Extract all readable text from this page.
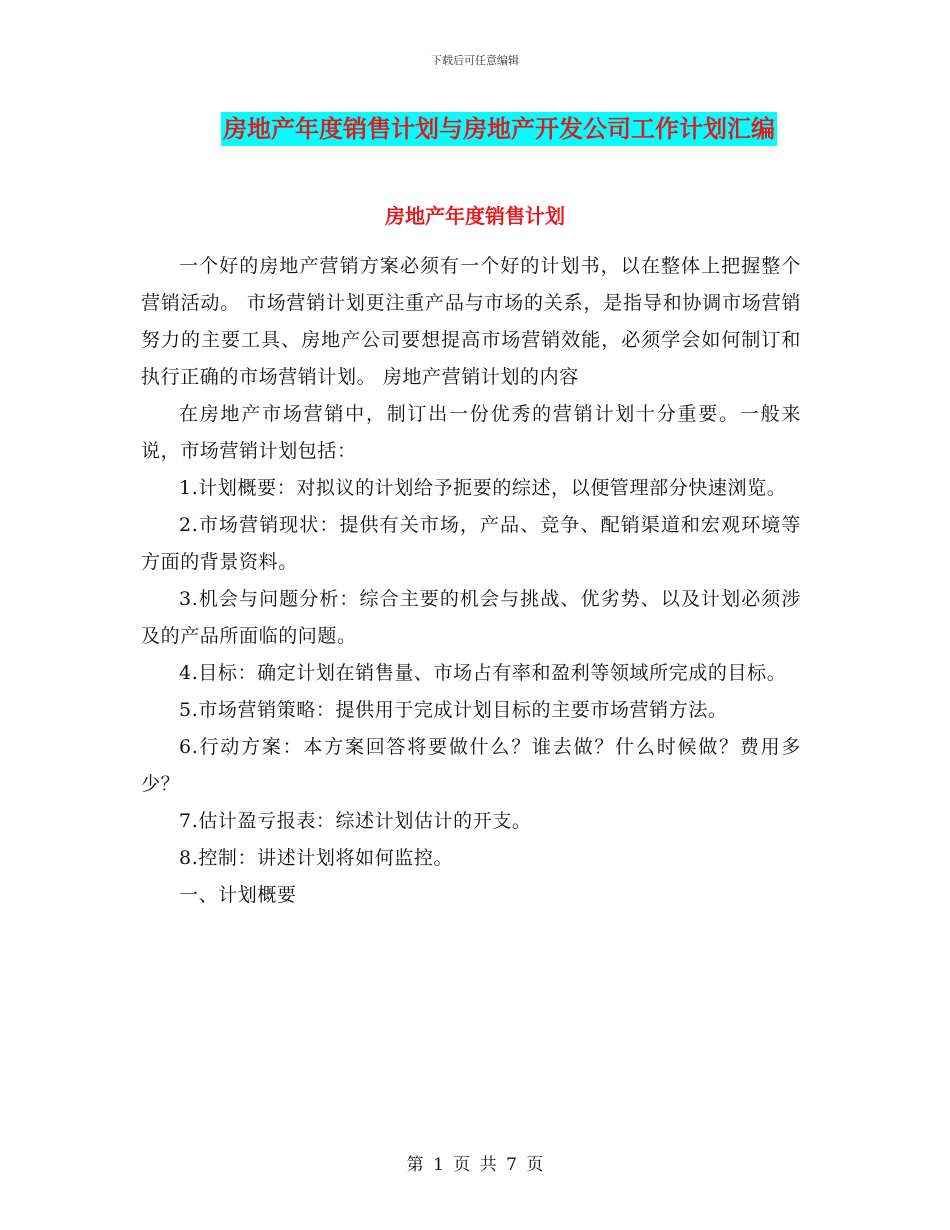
下载后可任意编辑
房地产年度销售计划与房地产开发公司工作计划汇编
房地产年度销售计划

一个好的房地产营销方案必须有一个好的计划书，以在整体上把握整个营销活动。 市场营销计划更注重产品与市场的关系，是指导和协调市场营销努力的主要工具、房地产公司要想提高市场营销效能，必须学会如何制订和执行正确的市场营销计划。 房地产营销计划的内容

在房地产市场营销中，制订出一份优秀的营销计划十分重要。一般来说，市场营销计划包括：

1.计划概要：对拟议的计划给予扼要的综述，以便管理部分快速浏览。

2.市场营销现状：提供有关市场，产品、竞争、配销渠道和宏观环境等方面的背景资料。

3.机会与问题分析：综合主要的机会与挑战、优劣势、以及计划必须涉及的产品所面临的问题。

4.目标：确定计划在销售量、市场占有率和盈利等领域所完成的目标。

5.市场营销策略：提供用于完成计划目标的主要市场营销方法。

6.行动方案：本方案回答将要做什么？谁去做？什么时候做？费用多少？

7.估计盈亏报表：综述计划估计的开支。

8.控制：讲述计划将如何监控。

一、计划概要

第 1 页 共 7 页
